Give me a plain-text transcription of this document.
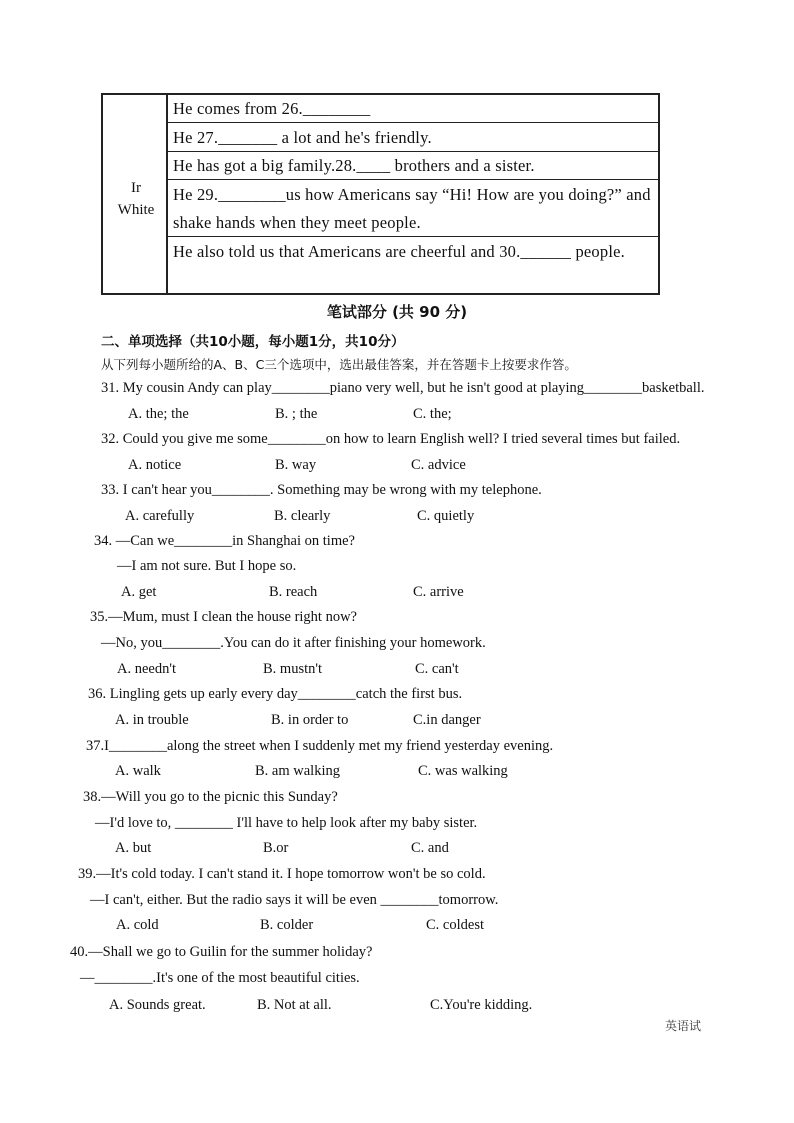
Ir
White
He comes from 26.________
He 27._______ a lot and he's friendly.
He has got a big family.28.____ brothers and a sister.
He 29.________us how Americans say “Hi! How are you doing?” and shake hands when they meet people.
He also told us that Americans are cheerful and 30.______ people.
笔试部分 (共 90 分)
二、单项选择（共10小题，每小题1分，共10分）
从下列每小题所给的A、B、C三个选项中，选出最佳答案，并在答题卡上按要求作答。
31. My cousin Andy can play________piano very well, but he isn't good at playing________basketball.
A. the; the	B. ; the	C. the;
32. Could you give me some________on how to learn English well? I tried several times but failed.
A. notice	B. way	C. advice
33. I can't hear you________. Something may be wrong with my telephone.
A. carefully	B. clearly	C. quietly
34. —Can we________in Shanghai on time?
—I am not sure. But I hope so.
A. get	B. reach	C. arrive
35.—Mum, must I clean the house right now?
—No, you________.You can do it after finishing your homework.
A. needn't	B. mustn't	C. can't
36. Lingling gets up early every day________catch the first bus.
A. in trouble	B. in order to	C.in danger
37.I________along the street when I suddenly met my friend yesterday evening.
A. walk	B. am walking	C. was walking
38.—Will you go to the picnic this Sunday?
—I'd love to, ________ I'll have to help look after my baby sister.
A. but	B.or	C. and
39.—It's cold today. I can't stand it. I hope tomorrow won't be so cold.
—I can't, either. But the radio says it will be even ________tomorrow.
A. cold	B. colder	C. coldest
40.—Shall we go to Guilin for the summer holiday?
—________.It's one of the most beautiful cities.
A. Sounds great.	B. Not at all.	C.You're kidding.
英语试
